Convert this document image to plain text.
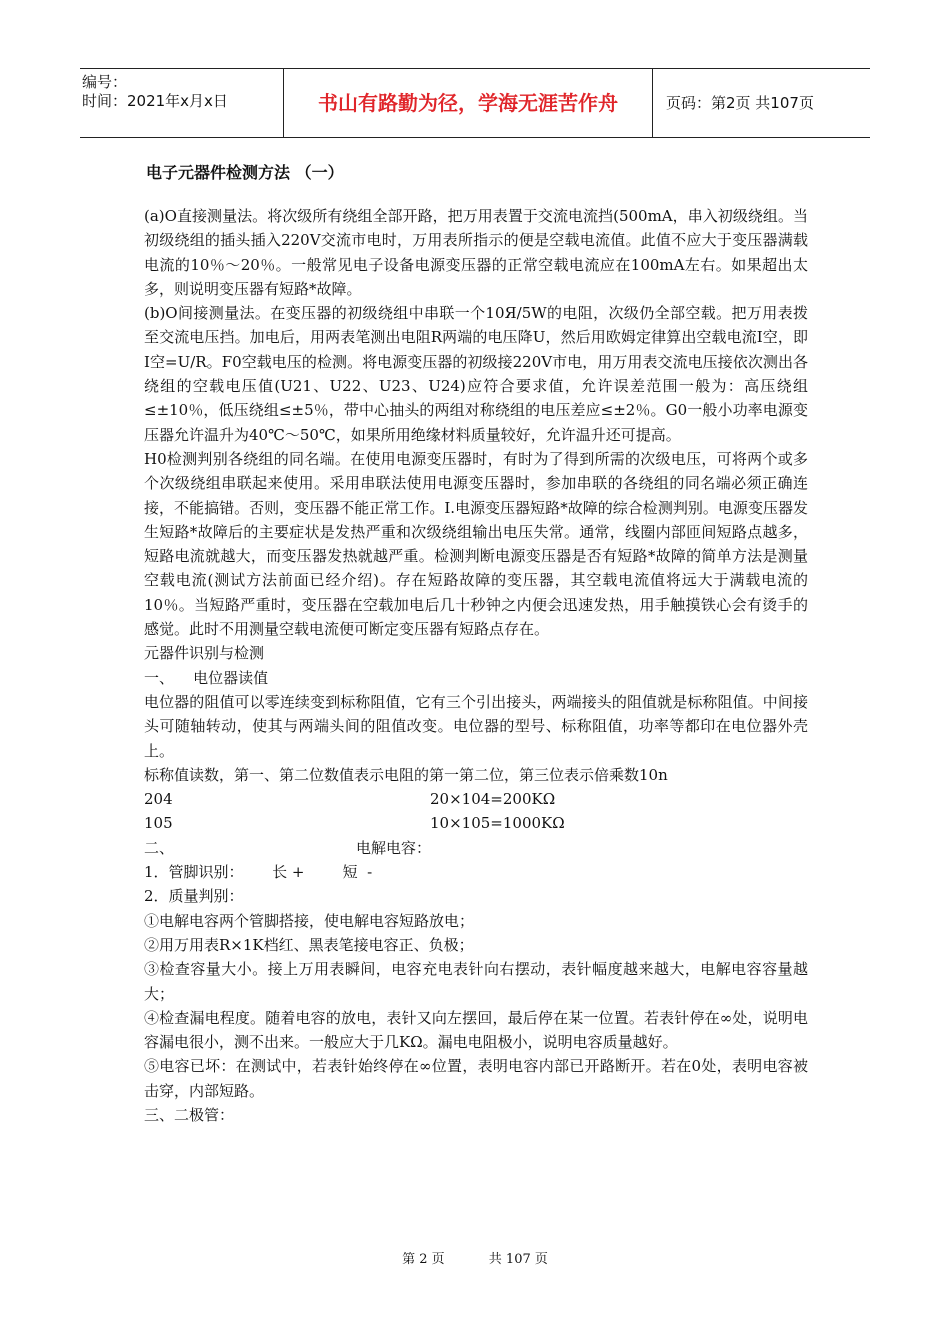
编号：
时间：2021年x月x日	书山有路勤为径，学海无涯苦作舟	页码：第2页 共107页
电子元器件检测方法 （一）

(a)O直接测量法。将次级所有绕组全部开路，把万用表置于交流电流挡(500mA，串入初级绕组。当初级绕组的插头插入220V交流市电时，万用表所指示的便是空载电流值。此值不应大于变压器满载电流的10％～20％。一般常见电子设备电源变压器的正常空载电流应在100mA左右。如果超出太多，则说明变压器有短路*故障。

(b)O间接测量法。在变压器的初级绕组中串联一个10Я/5W的电阻，次级仍全部空载。把万用表拨至交流电压挡。加电后，用两表笔测出电阻R两端的电压降U，然后用欧姆定律算出空载电流I空，即I空=U/R。F0空载电压的检测。将电源变压器的初级接220V市电，用万用表交流电压接依次测出各绕组的空载电压值(U21、U22、U23、U24)应符合要求值，允许误差范围一般为：高压绕组≤±10％，低压绕组≤±5％，带中心抽头的两组对称绕组的电压差应≤±2％。G0一般小功率电源变压器允许温升为40℃～50℃，如果所用绝缘材料质量较好，允许温升还可提高。

H0检测判别各绕组的同名端。在使用电源变压器时，有时为了得到所需的次级电压，可将两个或多个次级绕组串联起来使用。采用串联法使用电源变压器时，参加串联的各绕组的同名端必须正确连接，不能搞错。否则，变压器不能正常工作。I.电源变压器短路*故障的综合检测判别。电源变压器发生短路*故障后的主要症状是发热严重和次级绕组输出电压失常。通常，线圈内部匝间短路点越多，短路电流就越大，而变压器发热就越严重。检测判断电源变压器是否有短路*故障的简单方法是测量空载电流(测试方法前面已经介绍)。存在短路故障的变压器，其空载电流值将远大于满载电流的10％。当短路严重时，变压器在空载加电后几十秒钟之内便会迅速发热，用手触摸铁心会有烫手的感觉。此时不用测量空载电流便可断定变压器有短路点存在。

元器件识别与检测

一、    电位器读值

电位器的阻值可以零连续变到标称阻值，它有三个引出接头，两端接头的阻值就是标称阻值。中间接头可随轴转动，使其与两端头间的阻值改变。电位器的型号、标称阻值，功率等都印在电位器外壳上。

标称值读数，第一、第二位数值表示电阻的第一第二位，第三位表示倍乘数10n

204	20×104=200KΩ
105	10×105=1000KΩ
二、	电解电容：

1．管脚识别：      长 +        短  -

2．质量判别：

①电解电容两个管脚搭接，使电解电容短路放电；

②用万用表R×1K档红、黑表笔接电容正、负极；

③检查容量大小。接上万用表瞬间，电容充电表针向右摆动，表针幅度越来越大，电解电容容量越大；

④检查漏电程度。随着电容的放电，表针又向左摆回，最后停在某一位置。若表针停在∞处，说明电容漏电很小，测不出来。一般应大于几KΩ。漏电电阻极小，说明电容质量越好。

⑤电容已坏：在测试中，若表针始终停在∞位置，表明电容内部已开路断开。若在0处，表明电容被击穿，内部短路。

三、二极管：

第 2 页	共 107 页
